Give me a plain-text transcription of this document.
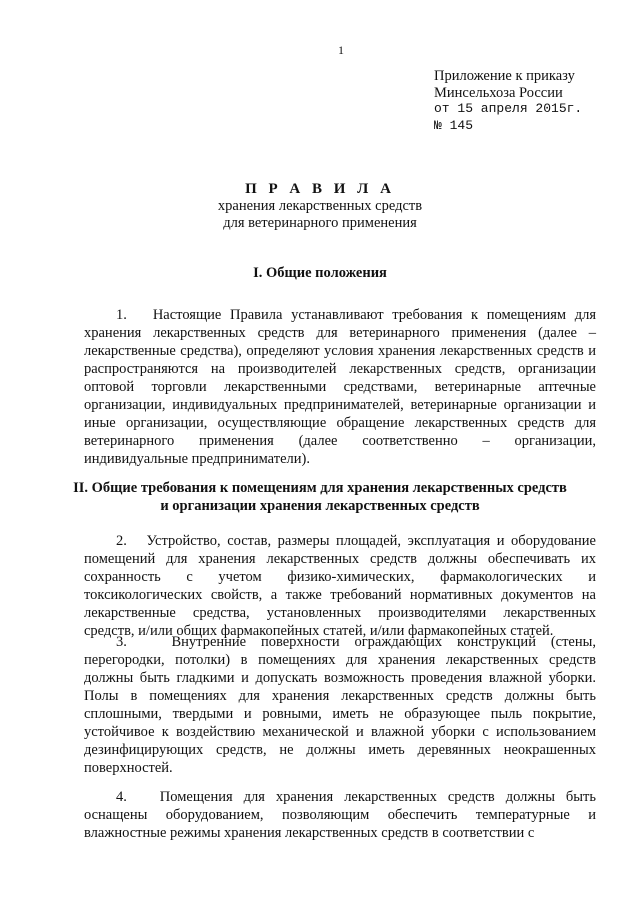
1
Приложение к приказу
Минсельхоза России
от 15 апреля 2015г.
№ 145
П Р А В И Л А
хранения лекарственных средств
для ветеринарного применения
I. Общие положения
1.   Настоящие Правила устанавливают требования к помещениям для хранения лекарственных средств для ветеринарного применения (далее – лекарственные средства), определяют условия хранения лекарственных средств и распространяются на производителей лекарственных средств, организации оптовой торговли лекарственными средствами, ветеринарные аптечные организации, индивидуальных предпринимателей, ветеринарные организации и иные организации, осуществляющие обращение лекарственных средств для ветеринарного применения (далее соответственно – организации, индивидуальные предприниматели).
II. Общие требования к помещениям для хранения лекарственных средств
и организации хранения лекарственных средств
2.   Устройство, состав, размеры площадей, эксплуатация и оборудование помещений для хранения лекарственных средств должны обеспечивать их сохранность с учетом физико-химических, фармакологических и токсикологических свойств, а также требований нормативных документов на лекарственные средства, установленных производителями лекарственных средств, и/или общих фармакопейных статей, и/или фармакопейных статей.
3.   Внутренние поверхности ограждающих конструкций (стены, перегородки, потолки) в помещениях для хранения лекарственных средств должны быть гладкими и допускать возможность проведения влажной уборки. Полы в помещениях для хранения лекарственных средств должны быть сплошными, твердыми и ровными, иметь не образующее пыль покрытие, устойчивое к воздействию механической и влажной уборки с использованием дезинфицирующих средств, не должны иметь деревянных неокрашенных поверхностей.
4.   Помещения для хранения лекарственных средств должны быть оснащены оборудованием, позволяющим обеспечить температурные и влажностные режимы хранения лекарственных средств в соответствии с
